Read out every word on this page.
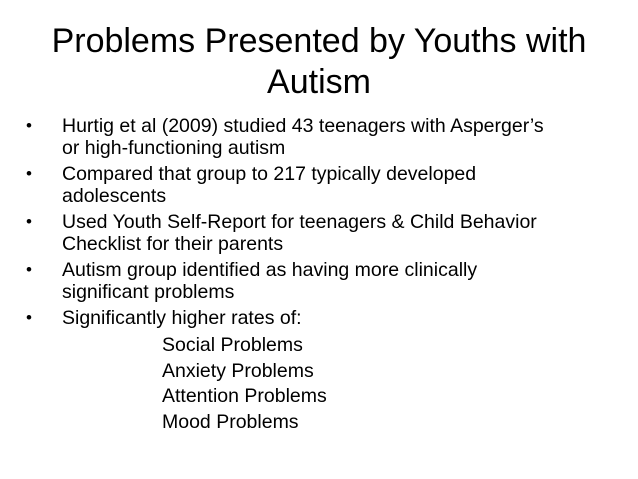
Problems Presented by Youths with
Autism
•	Hurtig et al (2009) studied 43 teenagers with Asperger’s
or high-functioning autism
•	Compared that group to 217 typically developed
adolescents
•	Used Youth Self-Report for teenagers & Child Behavior
Checklist for their parents
•	Autism group identified as having more clinically
significant problems
•	Significantly higher rates of:
Social Problems
Anxiety Problems
Attention Problems
Mood Problems
